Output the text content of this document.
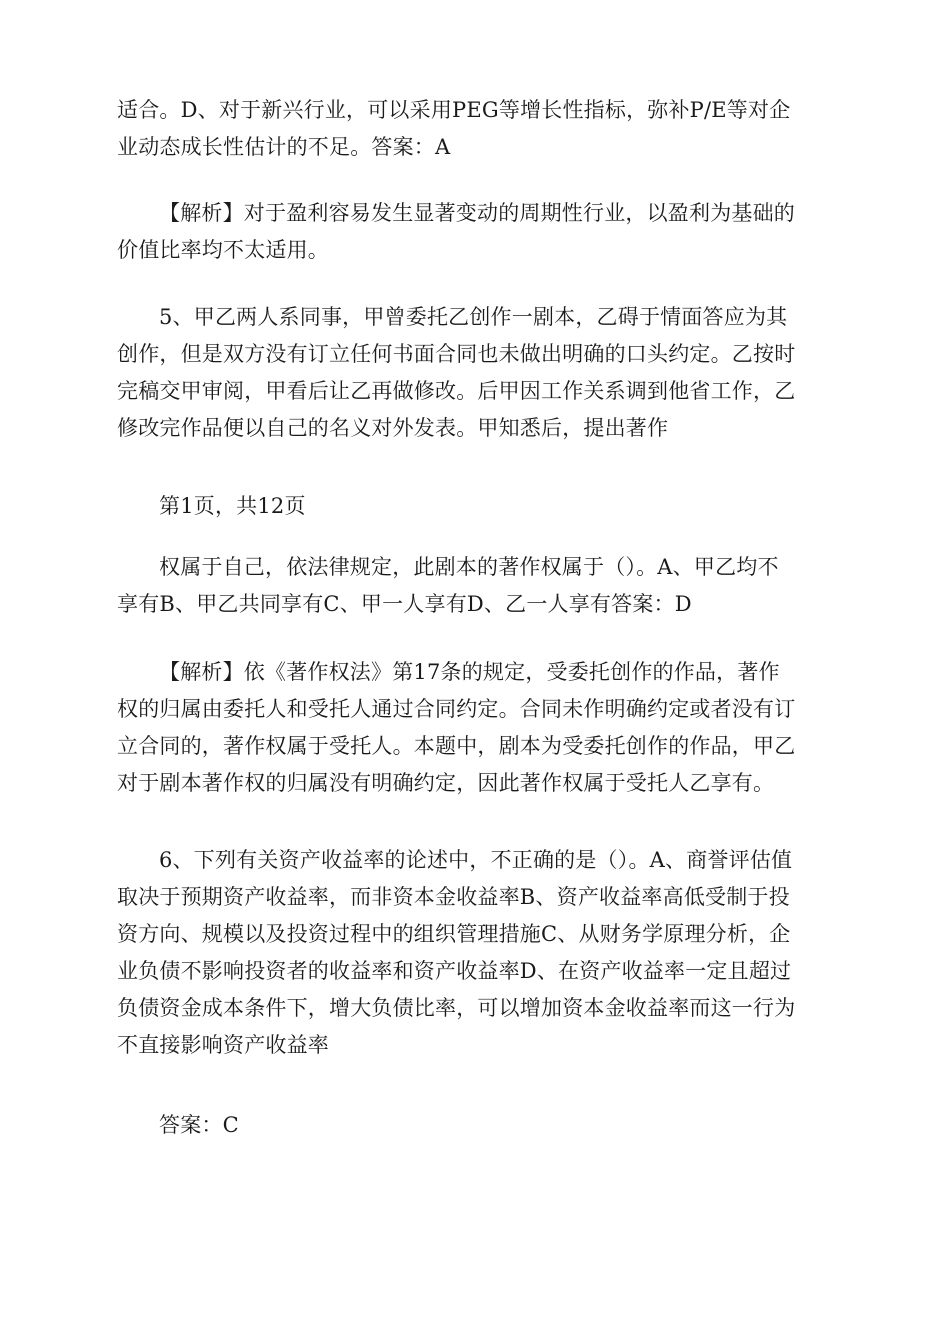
适合。D、对于新兴行业，可以采用PEG等增长性指标，弥补P/E等对企
业动态成长性估计的不足。答案：A

【解析】对于盈利容易发生显著变动的周期性行业，以盈利为基础的
价值比率均不太适用。

5、甲乙两人系同事，甲曾委托乙创作一剧本，乙碍于情面答应为其
创作，但是双方没有订立任何书面合同也未做出明确的口头约定。乙按时
完稿交甲审阅，甲看后让乙再做修改。后甲因工作关系调到他省工作，乙
修改完作品便以自己的名义对外发表。甲知悉后，提出著作

第1页，共12页

权属于自己，依法律规定，此剧本的著作权属于（）。A、甲乙均不
享有B、甲乙共同享有C、甲一人享有D、乙一人享有答案：D

【解析】依《著作权法》第17条的规定，受委托创作的作品，著作
权的归属由委托人和受托人通过合同约定。合同未作明确约定或者没有订
立合同的，著作权属于受托人。本题中，剧本为受委托创作的作品，甲乙
对于剧本著作权的归属没有明确约定，因此著作权属于受托人乙享有。

6、下列有关资产收益率的论述中，不正确的是（）。A、商誉评估值
取决于预期资产收益率，而非资本金收益率B、资产收益率高低受制于投
资方向、规模以及投资过程中的组织管理措施C、从财务学原理分析，企
业负债不影响投资者的收益率和资产收益率D、在资产收益率一定且超过
负债资金成本条件下，增大负债比率，可以增加资本金收益率而这一行为
不直接影响资产收益率

答案：C
